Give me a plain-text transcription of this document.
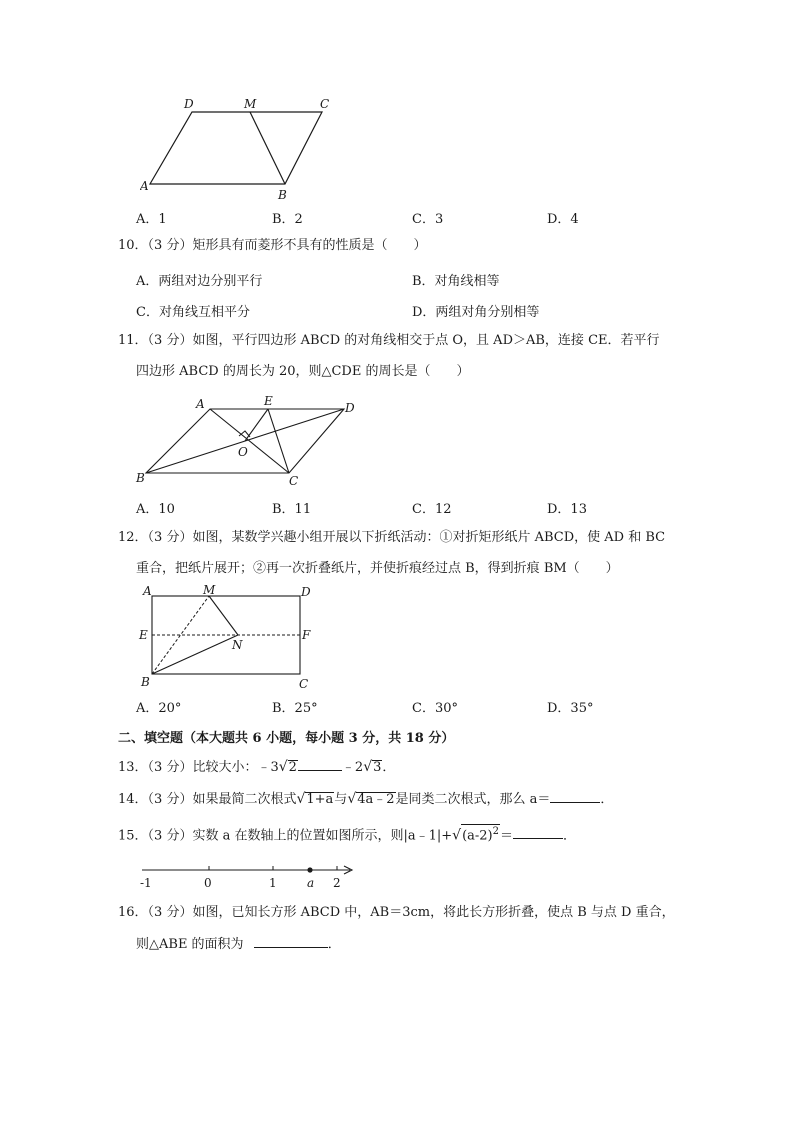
D	M	C
A
B
A．1	B．2	C．3	D．4
10．（3 分）矩形具有而菱形不具有的性质是（　　）
A．两组对边分别平行	B．对角线相等
C．对角线互相平分	D．两组对角分别相等
11．（3 分）如图，平行四边形 ABCD 的对角线相交于点 O，且 AD＞AB，连接 CE．若平行
四边形 ABCD 的周长为 20，则△CDE 的周长是（　　）
A	E	D
O
B	C
A．10	B．11	C．12	D．13
12．（3 分）如图，某数学兴趣小组开展以下折纸活动：①对折矩形纸片 ABCD，使 AD 和 BC
重合，把纸片展开；②再一次折叠纸片，并使折痕经过点 B，得到折痕 BM（　　）
A	M	D
E	F
N
B	C
A．20°	B．25°	C．30°	D．35°
二、填空题（本大题共 6 小题，每小题 3 分，共 18 分）
13．（3 分）比较大小：﹣3√2	﹣2√3．
14．（3 分）如果最简二次根式√1+a与√4a﹣2是同类二次根式，那么 a＝	．
15．（3 分）实数 a 在数轴上的位置如图所示，则$|a﹣1|+√(a-2)^2=$	．
-1	0	1	a 2
16．（3 分）如图，已知长方形 ABCD 中，AB＝3cm，将此长方形折叠，使点 B 与点 D 重合，
则△ABE 的面积为	．
